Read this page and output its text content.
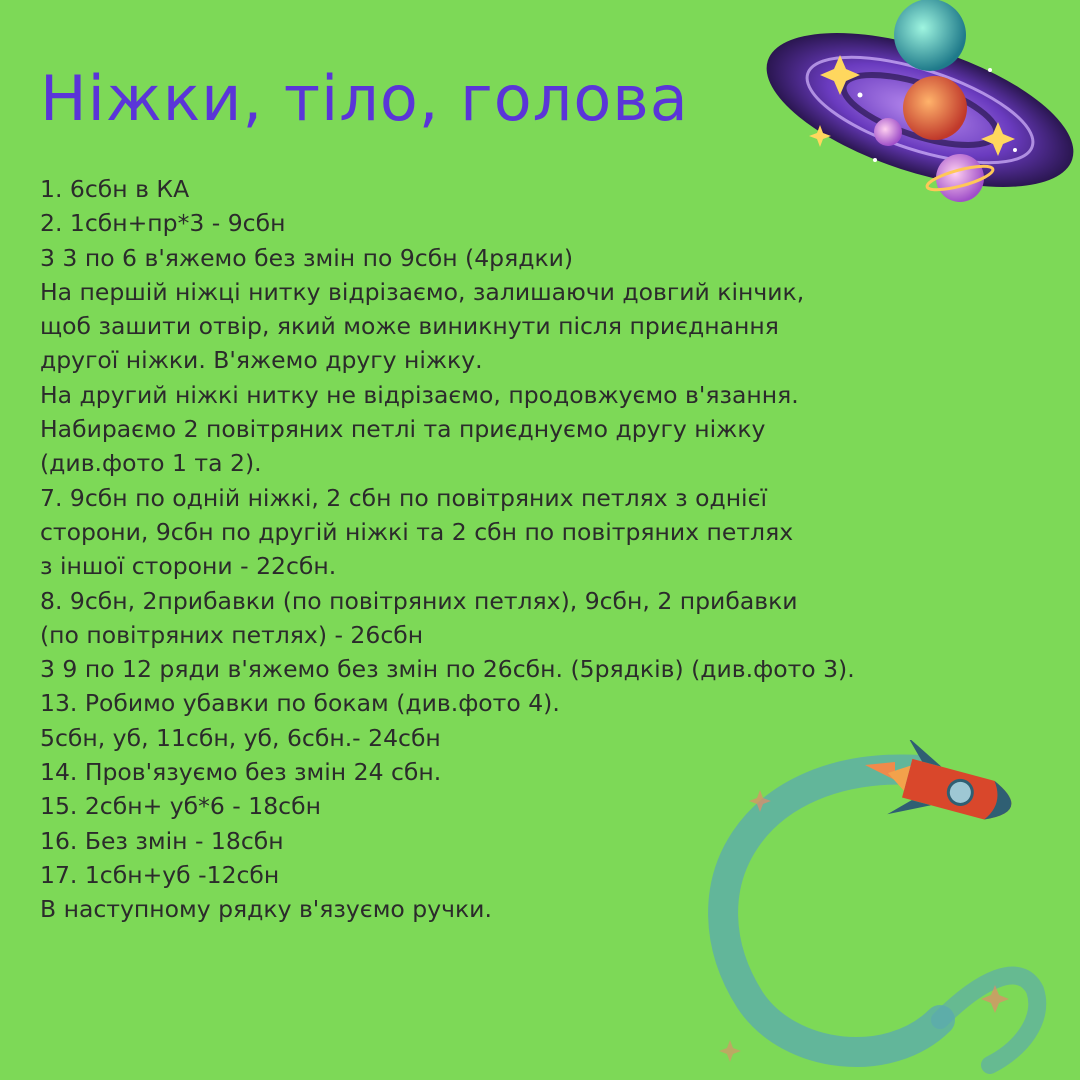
Ніжки, тіло, голова
1. 6сбн в КА
2. 1сбн+пр*3 - 9сбн
3 3 по 6 в'яжемо без змін по 9сбн (4рядки)
На першій ніжці нитку відрізаємо, залишаючи довгий кінчик,
щоб зашити отвір, який може виникнути після приєднання
другої ніжки. В'яжемо другу ніжку.
На другий ніжкі нитку не відрізаємо, продовжуємо в'язання.
Набираємо 2 повітряних петлі та приєднуємо другу ніжку
(див.фото 1 та 2).
7. 9сбн по одній ніжкі, 2 сбн по повітряних петлях з однієї
сторони, 9сбн по другій ніжкі та 2 сбн по повітряних петлях
з іншої сторони - 22сбн.
8. 9сбн, 2прибавки (по повітряних петлях), 9сбн, 2 прибавки
(по повітряних петлях) - 26сбн
3 9 по 12 ряди в'яжемо без змін по 26сбн. (5рядків) (див.фото 3).
13. Робимо убавки по бокам (див.фото 4).
5сбн, уб, 11сбн, уб, 6сбн.- 24сбн
14. Пров'язуємо без змін 24 сбн.
15. 2сбн+ уб*6 - 18сбн
16. Без змін - 18сбн
17. 1сбн+уб -12сбн
В наступному рядку в'язуємо ручки.
